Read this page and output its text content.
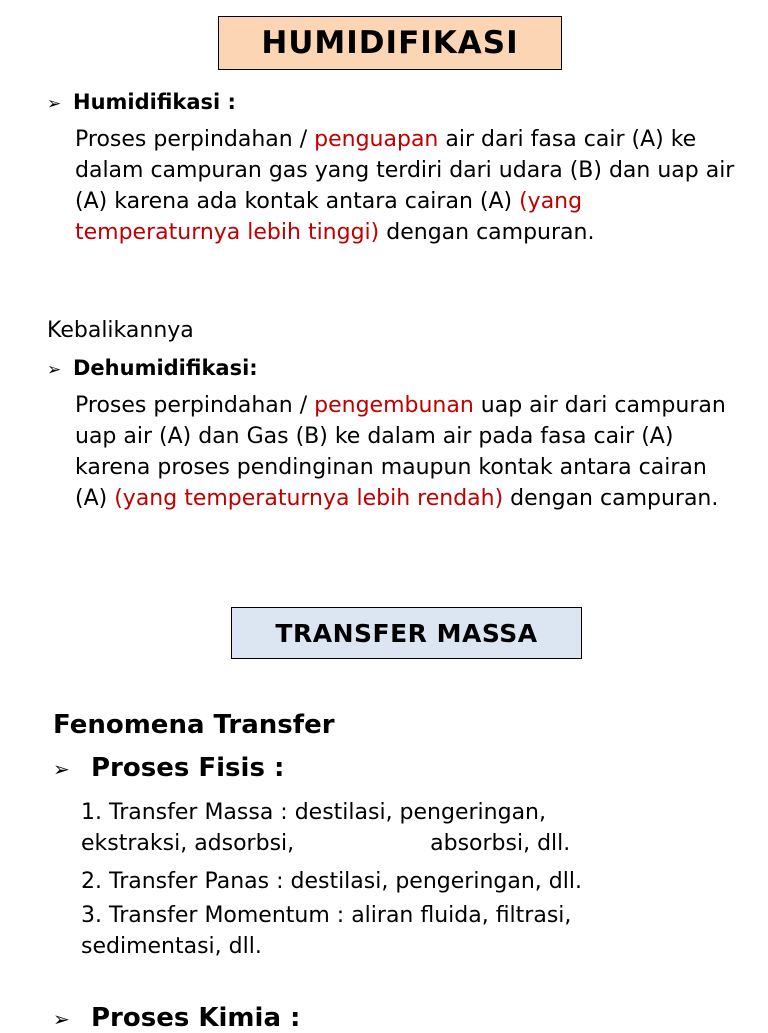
HUMIDIFIKASI
➢ Humidifikasi :
Proses perpindahan / penguapan air dari fasa cair (A) ke dalam campuran gas yang terdiri dari udara (B) dan uap air (A) karena ada kontak antara cairan (A) (yang temperaturnya lebih tinggi) dengan campuran.
Kebalikannya
➢ Dehumidifikasi:
Proses perpindahan / pengembunan uap air dari campuran uap air (A) dan Gas (B) ke dalam air pada fasa cair (A) karena proses pendinginan maupun kontak antara cairan (A) (yang temperaturnya lebih rendah) dengan campuran.
TRANSFER MASSA
Fenomena Transfer
➢ Proses Fisis :
1. Transfer Massa : destilasi, pengeringan,
ekstraksi, adsorbsi,	absorbsi, dll.
2. Transfer Panas : destilasi, pengeringan, dll.
3. Transfer Momentum : aliran fluida, filtrasi,
sedimentasi, dll.
➢ Proses Kimia :
